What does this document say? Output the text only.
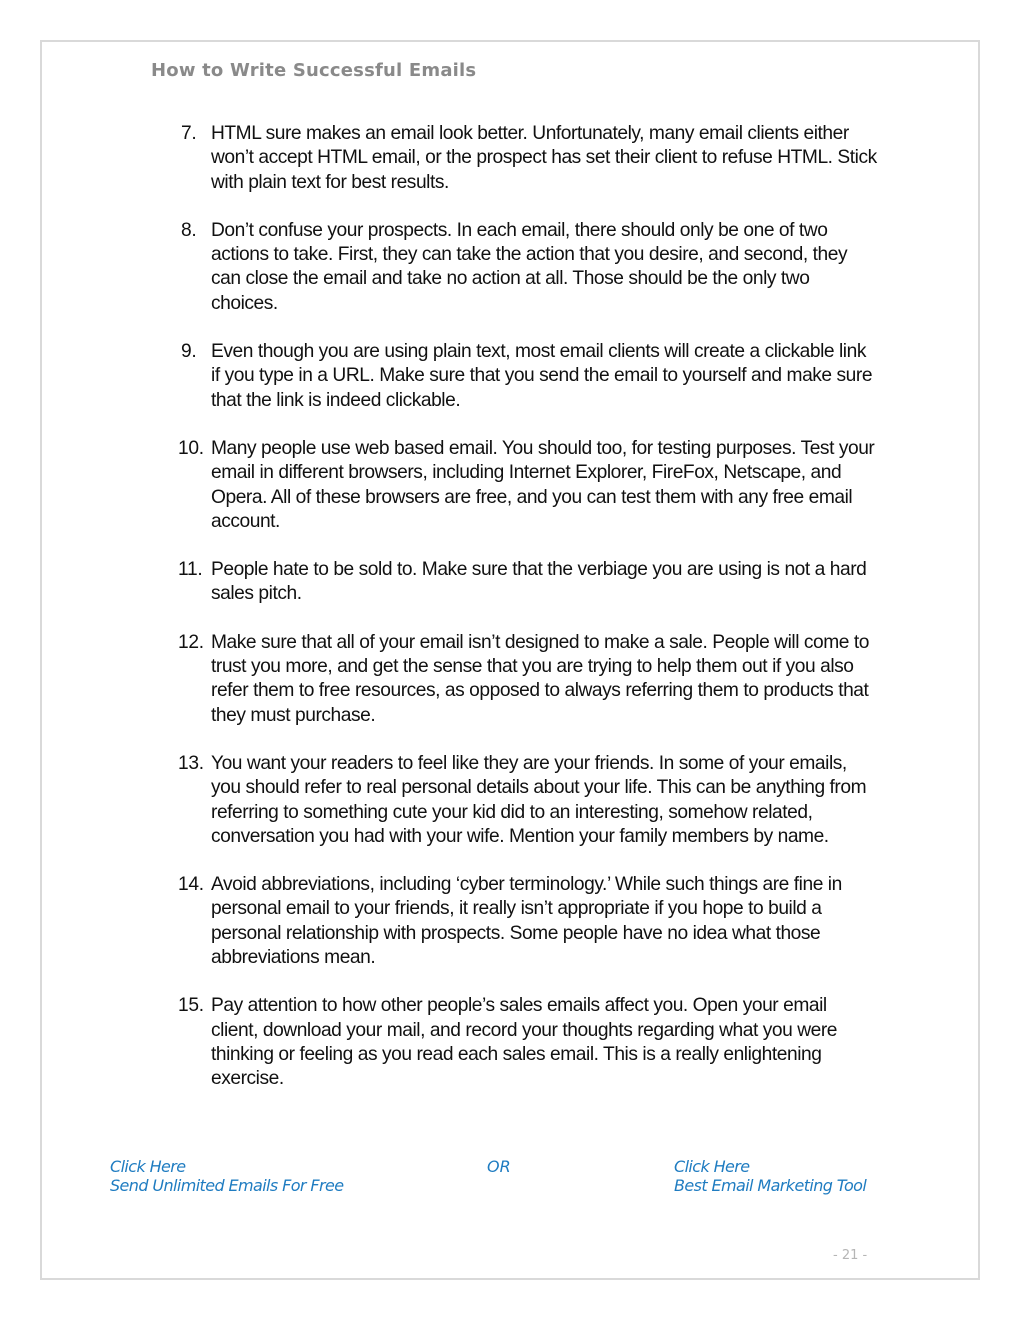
How to Write Successful Emails
7. HTML sure makes an email look better. Unfortunately, many email clients either won’t accept HTML email, or the prospect has set their client to refuse HTML. Stick with plain text for best results.
8. Don’t confuse your prospects. In each email, there should only be one of two actions to take. First, they can take the action that you desire, and second, they can close the email and take no action at all. Those should be the only two choices.
9. Even though you are using plain text, most email clients will create a clickable link if you type in a URL. Make sure that you send the email to yourself and make sure that the link is indeed clickable.
10. Many people use web based email. You should too, for testing purposes. Test your email in different browsers, including Internet Explorer, FireFox, Netscape, and Opera. All of these browsers are free, and you can test them with any free email account.
11. People hate to be sold to. Make sure that the verbiage you are using is not a hard sales pitch.
12. Make sure that all of your email isn’t designed to make a sale. People will come to trust you more, and get the sense that you are trying to help them out if you also refer them to free resources, as opposed to always referring them to products that they must purchase.
13. You want your readers to feel like they are your friends. In some of your emails, you should refer to real personal details about your life. This can be anything from referring to something cute your kid did to an interesting, somehow related, conversation you had with your wife. Mention your family members by name.
14. Avoid abbreviations, including ‘cyber terminology.’ While such things are fine in personal email to your friends, it really isn’t appropriate if you hope to build a personal relationship with prospects. Some people have no idea what those abbreviations mean.
15. Pay attention to how other people’s sales emails affect you. Open your email client, download your mail, and record your thoughts regarding what you were thinking or feeling as you read each sales email. This is a really enlightening exercise.
Click Here
Send Unlimited Emails For Free
OR	Click Here
Best Email Marketing Tool
- 21 -
